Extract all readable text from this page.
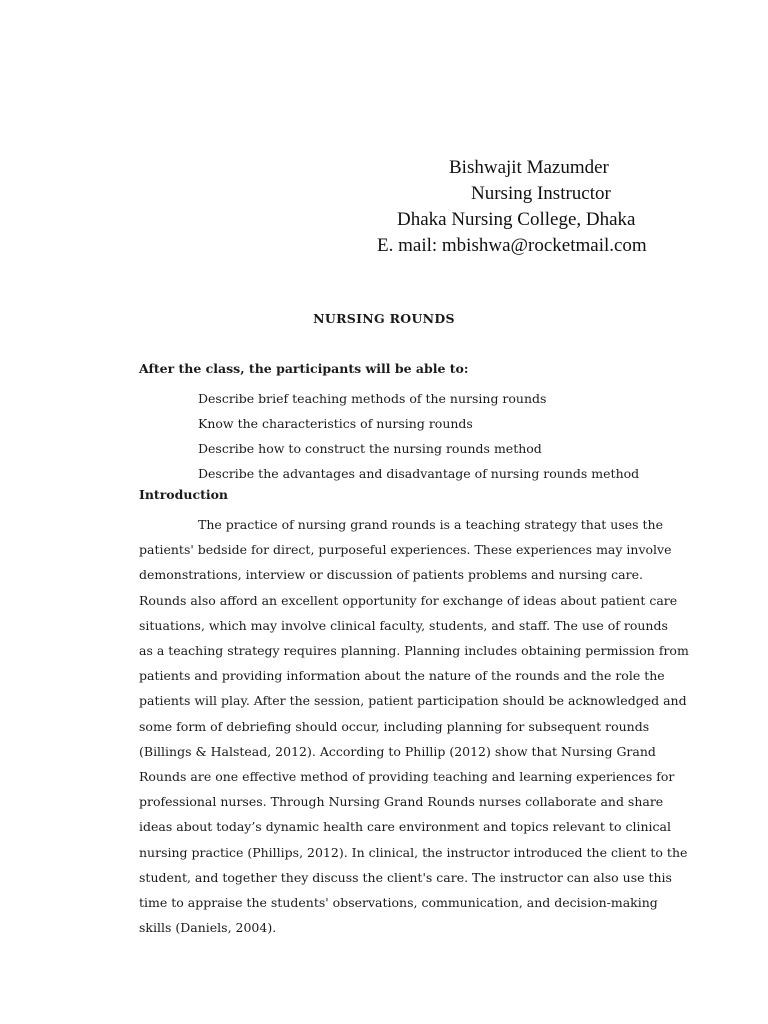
Bishwajit Mazumder
Nursing Instructor
Dhaka Nursing College, Dhaka
E. mail: mbishwa@rocketmail.com
NURSING ROUNDS
After the class, the participants will be able to:
Describe brief teaching methods of the nursing rounds
Know the characteristics of nursing rounds
Describe how to construct the nursing rounds method
Describe the advantages and disadvantage of nursing rounds method
Introduction
The practice of nursing grand rounds is a teaching strategy that uses the
patients' bedside for direct, purposeful experiences. These experiences may involve
demonstrations, interview or discussion of patients problems and nursing care.
Rounds also afford an excellent opportunity for exchange of ideas about patient care
situations, which may involve clinical faculty, students, and staff. The use of rounds
as a teaching strategy requires planning. Planning includes obtaining permission from
patients and providing information about the nature of the rounds and the role the
patients will play. After the session, patient participation should be acknowledged and
some form of debriefing should occur, including planning for subsequent rounds
(Billings & Halstead, 2012). According to Phillip (2012) show that Nursing Grand
Rounds are one effective method of providing teaching and learning experiences for
professional nurses. Through Nursing Grand Rounds nurses collaborate and share
ideas about today’s dynamic health care environment and topics relevant to clinical
nursing practice (Phillips, 2012). In clinical, the instructor introduced the client to the
student, and together they discuss the client's care. The instructor can also use this
time to appraise the students' observations, communication, and decision-making
skills (Daniels, 2004).
